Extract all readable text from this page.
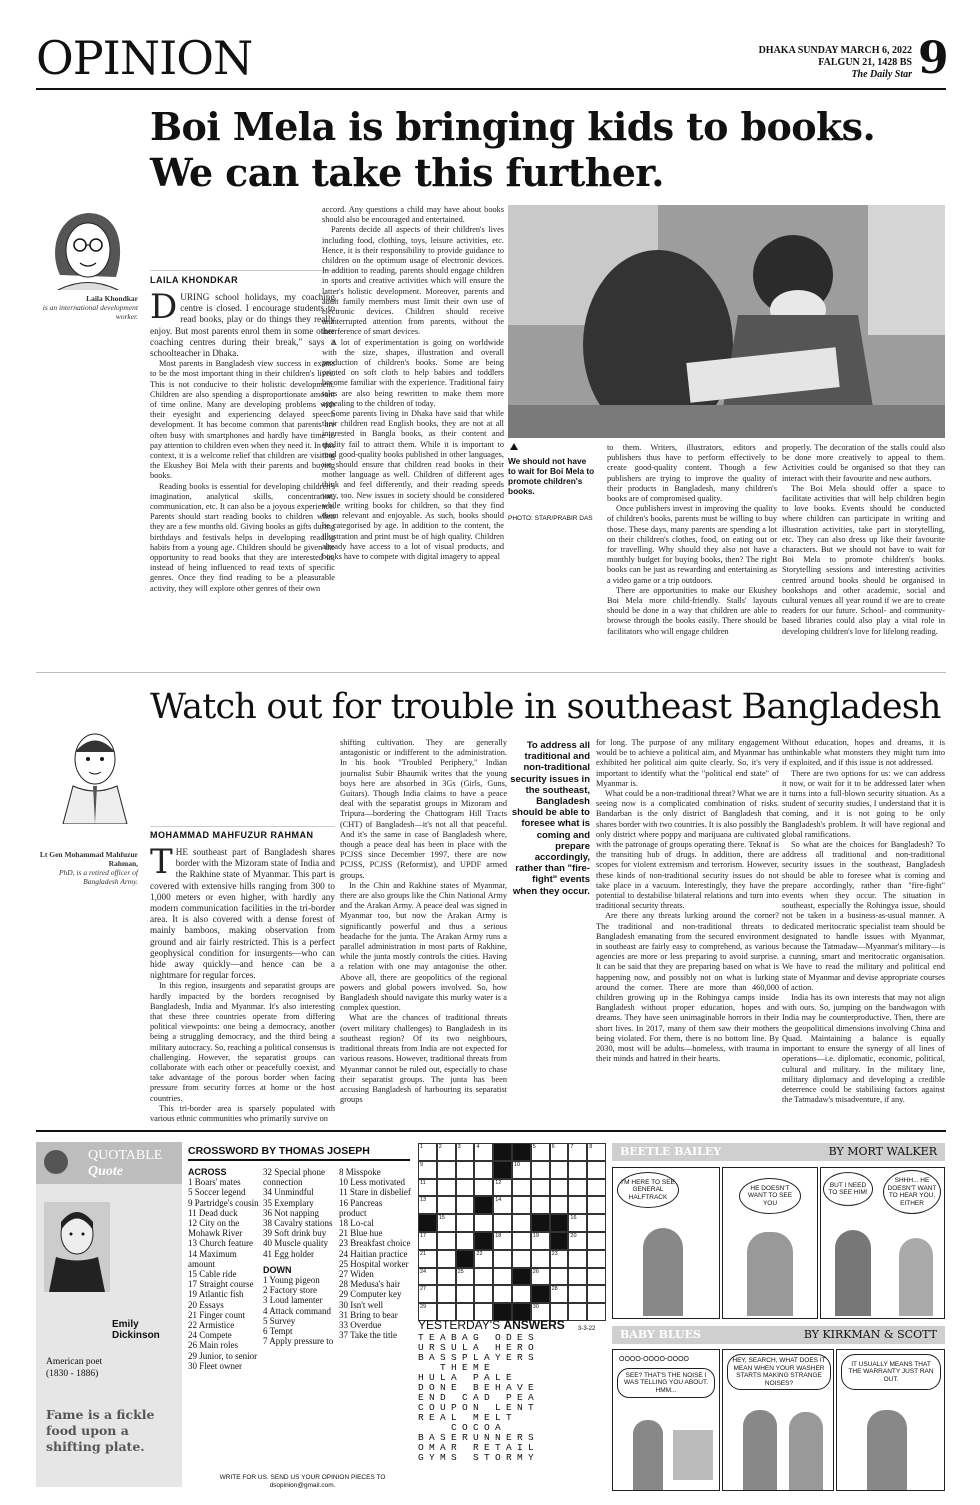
OPINION	DHAKA SUNDAY MARCH 6, 2022
FALGUN 21, 1428 BS
The Daily Star 9
Boi Mela is bringing kids to books.
We can take this further.
LAILA KHONDKAR
Laila Khondkar
is an international development worker. DURING school holidays, my coaching centre is closed. I encourage students to read books, play or do things they really enjoy. But most parents enrol them in some other coaching centres during their break," says a schoolteacher in Dhaka.

Most parents in Bangladesh view success in exams to be the most important thing in their children's lives. This is not conducive to their holistic development. Children are also spending a disproportionate amount of time online. Many are developing problems with their eyesight and experiencing delayed speech development. It has become common that parents are often busy with smartphones and hardly have time to pay attention to children even when they need it. In this context, it is a welcome relief that children are visiting the Ekushey Boi Mela with their parents and buying books.

Reading books is essential for developing children's imagination, analytical skills, concentration, communication, etc. It can also be a joyous experience. Parents should start reading books to children when they are a few months old. Giving books as gifts during birthdays and festivals helps in developing reading habits from a young age. Children should be given the opportunity to read books that they are interested in, instead of being influenced to read texts of specific genres. Once they find reading to be a pleasurable activity, they will explore other genres of their own

accord. Any questions a child may have about books should also be encouraged and entertained.

Parents decide all aspects of their children's lives including food, clothing, toys, leisure activities, etc. Hence, it is their responsibility to provide guidance to children on the optimum usage of electronic devices. In addition to reading, parents should engage children in sports and creative activities which will ensure the latter's holistic development. Moreover, parents and adult family members must limit their own use of electronic devices. Children should receive uninterrupted attention from parents, without the interference of smart devices.

A lot of experimentation is going on worldwide with the size, shapes, illustration and overall production of children's books. Some are being printed on soft cloth to help babies and toddlers become familiar with the experience. Traditional fairy tales are also being rewritten to make them more appealing to the children of today.

Some parents living in Dhaka have said that while their children read English books, they are not at all interested in Bangla books, as their content and quality fail to attract them. While it is important to read good-quality books published in other languages, we should ensure that children read books in their mother language as well. Children of different ages think and feel differently, and their reading speeds vary, too. New issues in society should be considered while writing books for children, so that they find them relevant and enjoyable. As such, books should be categorised by age. In addition to the content, the illustration and print must be of high quality. Children already have access to a lot of visual products, and books have to compete with digital imagery to appeal

We should not have to wait for Boi Mela to promote children's books.
PHOTO: STAR/PRABIR DAS

to them. Writers, illustrators, editors and publishers thus have to perform effectively to create good-quality content. Though a few publishers are trying to improve the quality of their products in Bangladesh, many children's books are of compromised quality.

Once publishers invest in improving the quality of children's books, parents must be willing to buy those. These days, many parents are spending a lot on their children's clothes, food, on eating out or for travelling. Why should they also not have a monthly budget for buying books, then? The right books can be just as rewarding and entertaining as a video game or a trip outdoors.

There are opportunities to make our Ekushey Boi Mela more child-friendly. Stalls' layouts should be done in a way that children are able to browse through the books easily. There should be facilitators who will engage children

properly. The decoration of the stalls could also be done more creatively to appeal to them. Activities could be organised so that they can interact with their favourite and new authors.

The Boi Mela should offer a space to facilitate activities that will help children begin to love books. Events should be conducted where children can participate in writing and illustration activities, take part in storytelling, etc. They can also dress up like their favourite characters. But we should not have to wait for Boi Mela to promote children's books. Storytelling sessions and interesting activities centred around books should be organised in bookshops and other academic, social and cultural venues all year round if we are to create readers for our future. School- and community-based libraries could also play a vital role in developing children's love for lifelong reading.

Watch out for trouble in southeast Bangladesh
MOHAMMAD MAHFUZUR RAHMAN
Lt Gen Mohammad Mahfuzur Rahman,
PhD, is a retired officer of Bangladesh Army. THE southeast part of Bangladesh shares border with the Mizoram state of India and the Rakhine state of Myanmar. This part is covered with extensive hills ranging from 300 to 1,000 meters or even higher, with hardly any modern communication facilities in the tri-border area. It is also covered with a dense forest of mainly bamboos, making observation from ground and air fairly restricted. This is a perfect geophysical condition for insurgents—who can hide away quickly—and hence can be a nightmare for regular forces.

In this region, insurgents and separatist groups are hardly impacted by the borders recognised by Bangladesh, India and Myanmar. It's also interesting that these three countries operate from differing political viewpoints: one being a democracy, another being a struggling democracy, and the third being a military autocracy. So, reaching a political consensus is challenging. However, the separatist groups can collaborate with each other or peacefully coexist, and take advantage of the porous border when facing pressure from security forces at home or the host countries.

This tri-border area is sparsely populated with various ethnic communities who primarily survive on

shifting cultivation. They are generally antagonistic or indifferent to the administration. In his book "Troubled Periphery," Indian journalist Subir Bhaumik writes that the young boys here are absorbed in 3Gs (Girls, Guns, Guitars). Though India claims to have a peace deal with the separatist groups in Mizoram and Tripura—bordering the Chattogram Hill Tracts (CHT) of Bangladesh—it's not all that peaceful. And it's the same in case of Bangladesh where, though a peace deal has been in place with the PCJSS since December 1997, there are now PCJSS, PCJSS (Reformist), and UPDF armed groups.

In the Chin and Rakhine states of Myanmar, there are also groups like the Chin National Army and the Arakan Army. A peace deal was signed in Myanmar too, but now the Arakan Army is significantly powerful and thus a serious headache for the junta. The Arakan Army runs a parallel administration in most parts of Rakhine, while the junta mostly controls the cities. Having a relation with one may antagonise the other. Above all, there are geopolitics of the regional powers and global powers involved. So, how Bangladesh should navigate this murky water is a complex question.

What are the chances of traditional threats (overt military challenges) to Bangladesh in its southeast region? Of its two neighbours, traditional threats from India are not expected for various reasons. However, traditional threats from Myanmar cannot be ruled out, especially to chase their separatist groups. The junta has been accusing Bangladesh of harbouring its separatist groups

To address all traditional and non-traditional security issues in the southeast, Bangladesh should be able to foresee what is coming and prepare accordingly, rather than "fire-fight" events when they occur.

for long. The purpose of any military engagement would be to achieve a political aim, and Myanmar has exhibited her political aim quite clearly. So, it's very important to identify what the "political end state" of Myanmar is.

What could be a non-traditional threat? What we are seeing now is a complicated combination of risks. Bandarban is the only district of Bangladesh that shares border with two countries. It is also possibly the only district where poppy and marijuana are cultivated with the patronage of groups operating there. Teknaf is the transiting hub of drugs. In addition, there are scopes for violent extremism and terrorism. However, these kinds of non-traditional security issues do not take place in a vacuum. Interestingly, they have the potential to destabilise bilateral relations and turn into traditional security threats.

Are there any threats lurking around the corner? The traditional and non-traditional threats to Bangladesh emanating from the secured environment in southeast are fairly easy to comprehend, as various agencies are more or less preparing to avoid surprise. It can be said that they are preparing based on what is happening now, and possibly not on what is lurking around the corner. There are more than 460,000 children growing up in the Rohingya camps inside Bangladesh without proper education, hopes and dreams. They have seen unimaginable horrors in their short lives. In 2017, many of them saw their mothers being violated. For them, there is no bottom line. By 2030, most will be adults—homeless, with trauma in their minds and hatred in their hearts.

Without education, hopes and dreams, it is unthinkable what monsters they might turn into if exploited, and if this issue is not addressed.

There are two options for us: we can address it now, or wait for it to be addressed later when it turns into a full-blown security situation. As a student of security studies, I understand that it is coming, and it is not going to be only Bangladesh's problem. It will have regional and global ramifications.

So what are the choices for Bangladesh? To address all traditional and non-traditional security issues in the southeast, Bangladesh should be able to foresee what is coming and prepare accordingly, rather than "fire-fight" events when they occur. The situation in southeast, especially the Rohingya issue, should not be taken in a business-as-usual manner. A dedicated meritocratic specialist team should be designated to handle issues with Myanmar, because the Tatmadaw—Myanmar's military—is a cunning, smart and meritocratic organisation. We have to read the military and political end state of Myanmar and devise appropriate courses of action.

India has its own interests that may not align with ours. So, jumping on the bandwagon with India may be counterproductive. Then, there are the geopolitical dimensions involving China and Quad. Maintaining a balance is equally important to ensure the synergy of all lines of operations—i.e. diplomatic, economic, political, cultural and military. In the military line, military diplomacy and developing a credible deterrence could be stabilising factors against the Tatmadaw's misadventure, if any.

QUOTABLE
Quote
Emily
Dickinson
American poet
(1830 - 1886)
Fame is a fickle food upon a shifting plate.
CROSSWORD BY THOMAS JOSEPH
ACROSS
1 Boars' mates
5 Soccer legend
9 Partridge's cousin
11 Dead duck
12 City on the Mohawk River
13 Church feature
14 Maximum amount
15 Cable ride
17 Straight course
19 Atlantic fish
20 Essays
21 Finger count
22 Armistice
24 Compete
26 Main roles
29 Junior, to senior
30 Fleet owner
32 Special phone connection
34 Unmindful
35 Exemplary
36 Not napping
38 Cavalry stations
39 Soft drink buy
40 Muscle quality
41 Egg holder
DOWN
1 Young pigeon
2 Factory store
3 Loud lamenter
4 Attack command
5 Survey
6 Tempt
7 Apply pressure to
8 Misspoke
10 Less motivated
11 Stare in disbelief
16 Pancreas product
18 Lo-cal
21 Blue hue
23 Breakfast choice
24 Haitian practice
25 Hospital worker
27 Widen
28 Medusa's hair
29 Computer key
30 Isn't well
31 Bring to bear
33 Overdue
37 Take the title
1	2	3	4	5	6	7	8
9	10
11	12
13	14
15	16
17	18	19	20
21	22	23
24	25	26
27	28
29	30
3-3-22
YESTERDAY'S ANSWERS
TEABAG ODES
URSULA HERO
BASSPLAYERS
THEME
HULA PALE
DONE BEHAVE
END CAD PEA
COUPON LENT
REAL MELT
COCOA
BASERUNNERS
OMAR RETAIL
GYMS STORMY
WRITE FOR US. SEND US YOUR OPINION PIECES TO
dsopinion@gmail.com.
BEETLE BAILEY	BY MORT WALKER
I'M HERE TO SEE GENERAL HALFTRACK
HE DOESN'T WANT TO SEE YOU
BUT I NEED TO SEE HIM!
SHHH... HE DOESN'T WANT TO HEAR YOU, EITHER
BABY BLUES	BY KIRKMAN & SCOTT
OOOO-OOOO-OOOO
SEE? THAT'S THE NOISE I WAS TELLING YOU ABOUT. HMM...
HEY, SEARCH, WHAT DOES IT MEAN WHEN YOUR WASHER STARTS MAKING STRANGE NOISES?
IT USUALLY MEANS THAT THE WARRANTY JUST RAN OUT.
